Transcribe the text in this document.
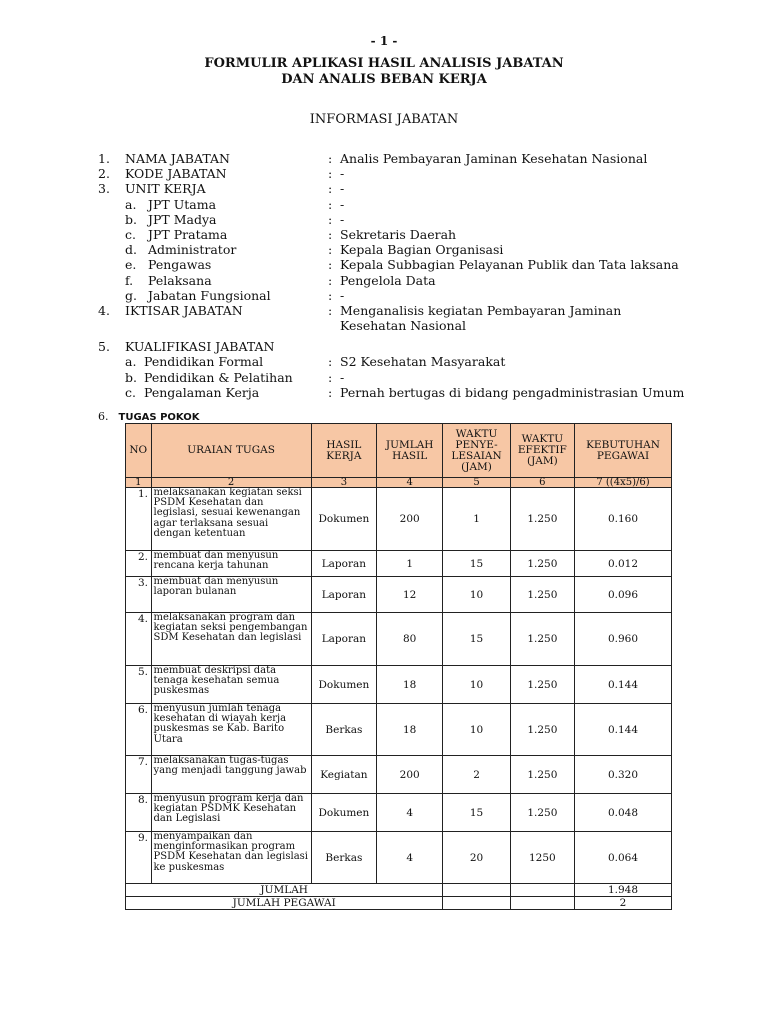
- 1 -
FORMULIR APLIKASI HASIL ANALISIS JABATAN
DAN ANALIS BEBAN KERJA
INFORMASI JABATAN
1. NAMA JABATAN	: Analis Pembayaran Jaminan Kesehatan Nasional
2. KODE JABATAN	: -
3. UNIT KERJA	: -
a. JPT Utama	: -
b. JPT Madya	: -
c. JPT Pratama	: Sekretaris Daerah
d. Administrator	: Kepala Bagian Organisasi
e. Pengawas	: Kepala Subbagian Pelayanan Publik dan Tata laksana
f. Pelaksana	: Pengelola Data
g. Jabatan Fungsional	: -
4. IKTISAR JABATAN	: Menganalisis kegiatan Pembayaran Jaminan Kesehatan Nasional
5. KUALIFIKASI JABATAN
a. Pendidikan Formal	: S2 Kesehatan Masyarakat
b. Pendidikan & Pelatihan	: -
c. Pengalaman Kerja	: Pernah bertugas di bidang pengadministrasian Umum
6. TUGAS POKOK
NO	URAIAN TUGAS	HASIL KERJA	JUMLAH HASIL	WAKTU PENYE-LESAIAN (JAM)	WAKTU EFEKTIF (JAM)	KEBUTUHAN PEGAWAI
1	2	3	4	5	6	7 ((4x5)/6)
1.	melaksanakan kegiatan seksi PSDM Kesehatan dan legislasi, sesuai kewenangan agar terlaksana sesuai dengan ketentuan	Dokumen	200	1	1.250	0.160
2.	membuat dan menyusun rencana kerja tahunan	Laporan	1	15	1.250	0.012
3.	membuat dan menyusun laporan bulanan	Laporan	12	10	1.250	0.096
4.	melaksanakan program dan kegiatan seksi pengembangan SDM Kesehatan dan legislasi	Laporan	80	15	1.250	0.960
5.	membuat deskripsi data tenaga kesehatan semua puskesmas	Dokumen	18	10	1.250	0.144
6.	menyusun jumlah tenaga kesehatan di wiayah kerja puskesmas se Kab. Barito Utara	Berkas	18	10	1.250	0.144
7.	melaksanakan tugas-tugas yang menjadi tanggung jawab	Kegiatan	200	2	1.250	0.320
8.	menyusun program kerja dan kegiatan PSDMK Kesehatan dan Legislasi	Dokumen	4	15	1.250	0.048
9.	menyampaikan dan menginformasikan program PSDM Kesehatan dan legislasi ke puskesmas	Berkas	4	20	1250	0.064
JUMLAH						1.948
JUMLAH PEGAWAI						2
